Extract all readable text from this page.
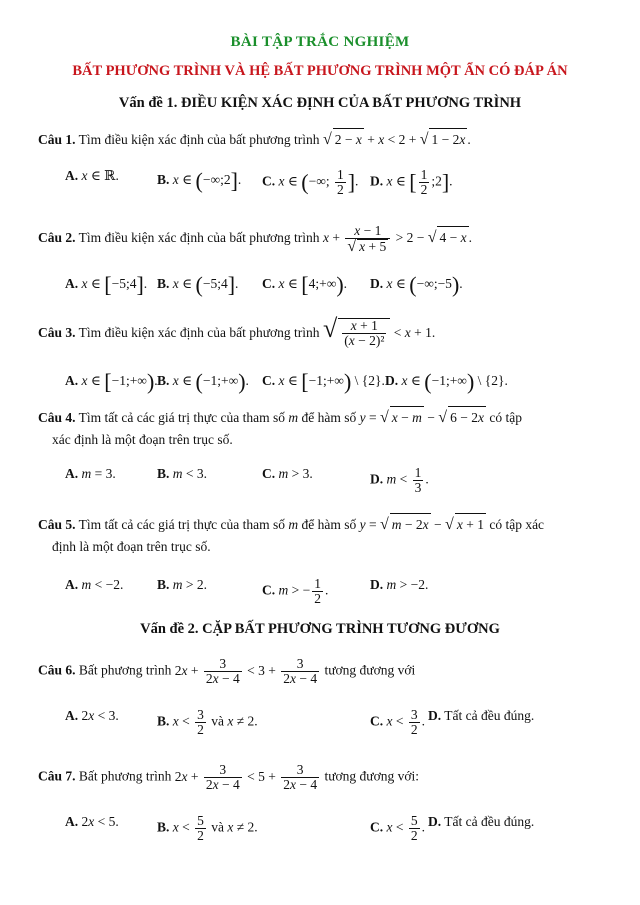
BÀI TẬP TRẮC NGHIỆM
BẤT PHƯƠNG TRÌNH VÀ HỆ BẤT PHƯƠNG TRÌNH MỘT ẨN CÓ ĐÁP ÁN
Vấn đề 1. ĐIỀU KIỆN XÁC ĐỊNH CỦA BẤT PHƯƠNG TRÌNH
Câu 1. Tìm điều kiện xác định của bất phương trình √ 2 − x + x < 2 + √ 1 − 2x .
A. x ∈ ℝ.	B. x ∈ (−∞;2]. C. x ∈ (−∞; $\frac{1}{2}$ ]. D. x ∈ [ $\frac{1}{2}$ ;2].
Câu 2. Tìm điều kiện xác định của bất phương trình $x + \frac{x - 1}{√ x + 5} > 2$ − √ 4 − x .
A. x ∈ [−5;4]. B. x ∈ (−5;4]. C. x ∈ [4;+∞). D. x ∈ (−∞;−5).
Câu 3. Tìm điều kiện xác định của bất phương trình √ $\frac{x + 1}{\text{(x − 2)²}} < x + 1$.
A. x ∈ [−1;+∞). B. x ∈ (−1;+∞). C. x ∈ [−1;+∞) \ {2}. D. x ∈ (−1;+∞) \ {2}.
Câu 4. Tìm tất cả các giá trị thực của tham số m để hàm số y = √ x − m − √ 6 − 2x có tập
xác định là một đoạn trên trục số.
A. m = 3.	B. m < 3.	C. m > 3.	D. $m < \frac{1}{3}$ .
Câu 5. Tìm tất cả các giá trị thực của tham số m để hàm số y = √ m − 2x − √ x + 1 có tập xác
định là một đoạn trên trục số.
A. m < −2. B. m > 2.	C. m > − $\frac{1}{2}$ .	D. m > −2.
Vấn đề 2. CẶP BẤT PHƯƠNG TRÌNH TƯƠNG ĐƯƠNG
Câu 6. Bất phương trình $2x + \frac{3}{2x - 4} < 3 + \frac{3}{2x - 4}$ tương đương với
A. 2x < 3.	B. $x < \frac{3}{2}$ và x ≠ 2.	C. $x < \frac{3}{2}$ . D. Tất cả đều đúng.
Câu 7. Bất phương trình $2x + \frac{3}{2x - 4} < 5 + \frac{3}{2x - 4}$ tương đương với:
A. 2x < 5.	B. $x < \frac{5}{2}$ và x ≠ 2.	C. $x < \frac{5}{2}$ . D. Tất cả đều đúng.
